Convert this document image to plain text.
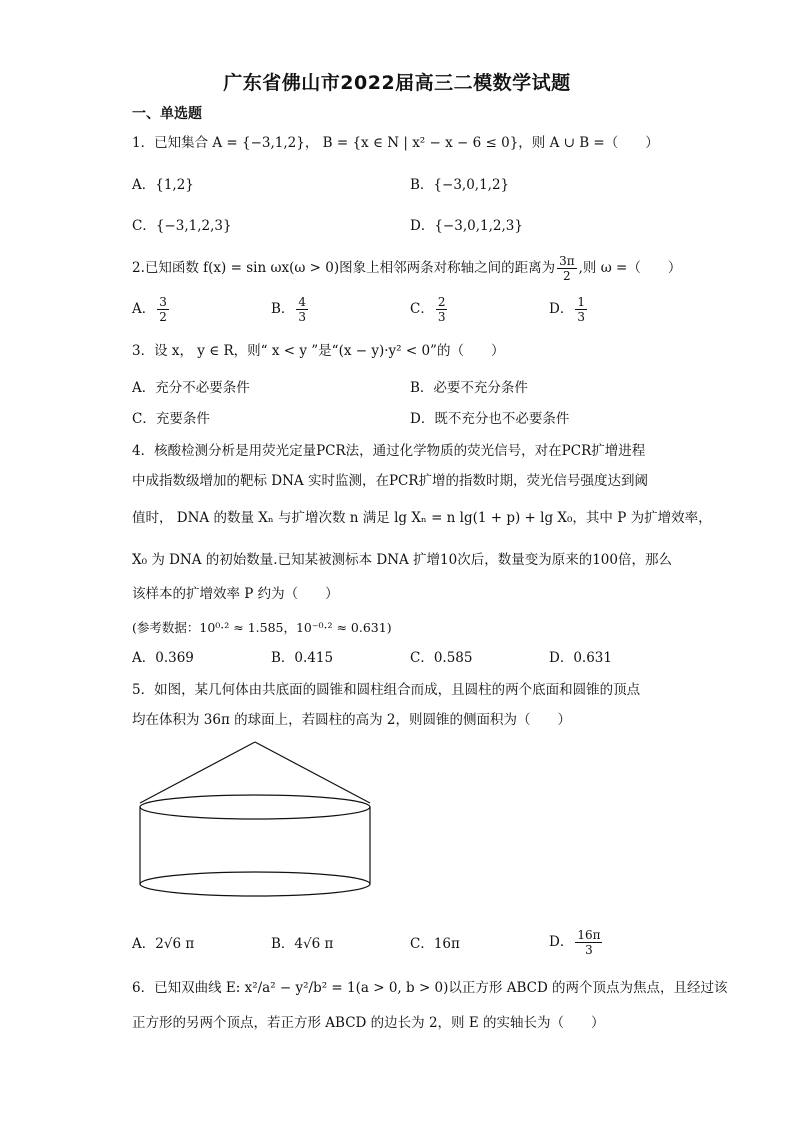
广东省佛山市2022届高三二模数学试题
一、单选题
1．已知集合 A = {−3,1,2}， B = {x ∈ N | x² − x − 6 ≤ 0}，则 A ∪ B =（　　）
A．{1,2}	B．{−3,0,1,2}
C．{−3,1,2,3}	D．{−3,0,1,2,3}
2.已知函数 f(x) = sin ωx(ω > 0)图象上相邻两条对称轴之间的距离为 $\frac{3\pi}{2}$ ,则 ω =（　　）
A． $\frac{3}{2}$	B． $\frac{4}{3}$	C． $\frac{2}{3}$	D． $\frac{1}{3}$
3．设 x， y ∈ R，则“ x < y ”是“(x − y)·y² < 0”的（　　）
A．充分不必要条件	B．必要不充分条件
C．充要条件	D．既不充分也不必要条件
4．核酸检测分析是用荧光定量PCR法，通过化学物质的荧光信号，对在PCR扩增进程
中成指数级增加的靶标 DNA 实时监测，在PCR扩增的指数时期，荧光信号强度达到阈
值时， DNA 的数量 Xₙ 与扩增次数 n 满足 lg Xₙ = n lg(1 + p) + lg X₀，其中 P 为扩增效率，
X₀ 为 DNA 的初始数量.已知某被测标本 DNA 扩增10次后，数量变为原来的100倍，那么
该样本的扩增效率 P 约为（　　）
(参考数据：10⁰·² ≈ 1.585，10⁻⁰·² ≈ 0.631)
A．0.369	B．0.415	C．0.585	D．0.631
5．如图，某几何体由共底面的圆锥和圆柱组合而成，且圆柱的两个底面和圆锥的顶点
均在体积为 36π 的球面上，若圆柱的高为 2，则圆锥的侧面积为（　　）
A．2√6 π	B．4√6 π	C．16π	D． $\frac{16\pi}{3}$
6．已知双曲线 E: x²/a² − y²/b² = 1(a > 0, b > 0)以正方形 ABCD 的两个顶点为焦点，且经过该
正方形的另两个顶点，若正方形 ABCD 的边长为 2，则 E 的实轴长为（　　）
